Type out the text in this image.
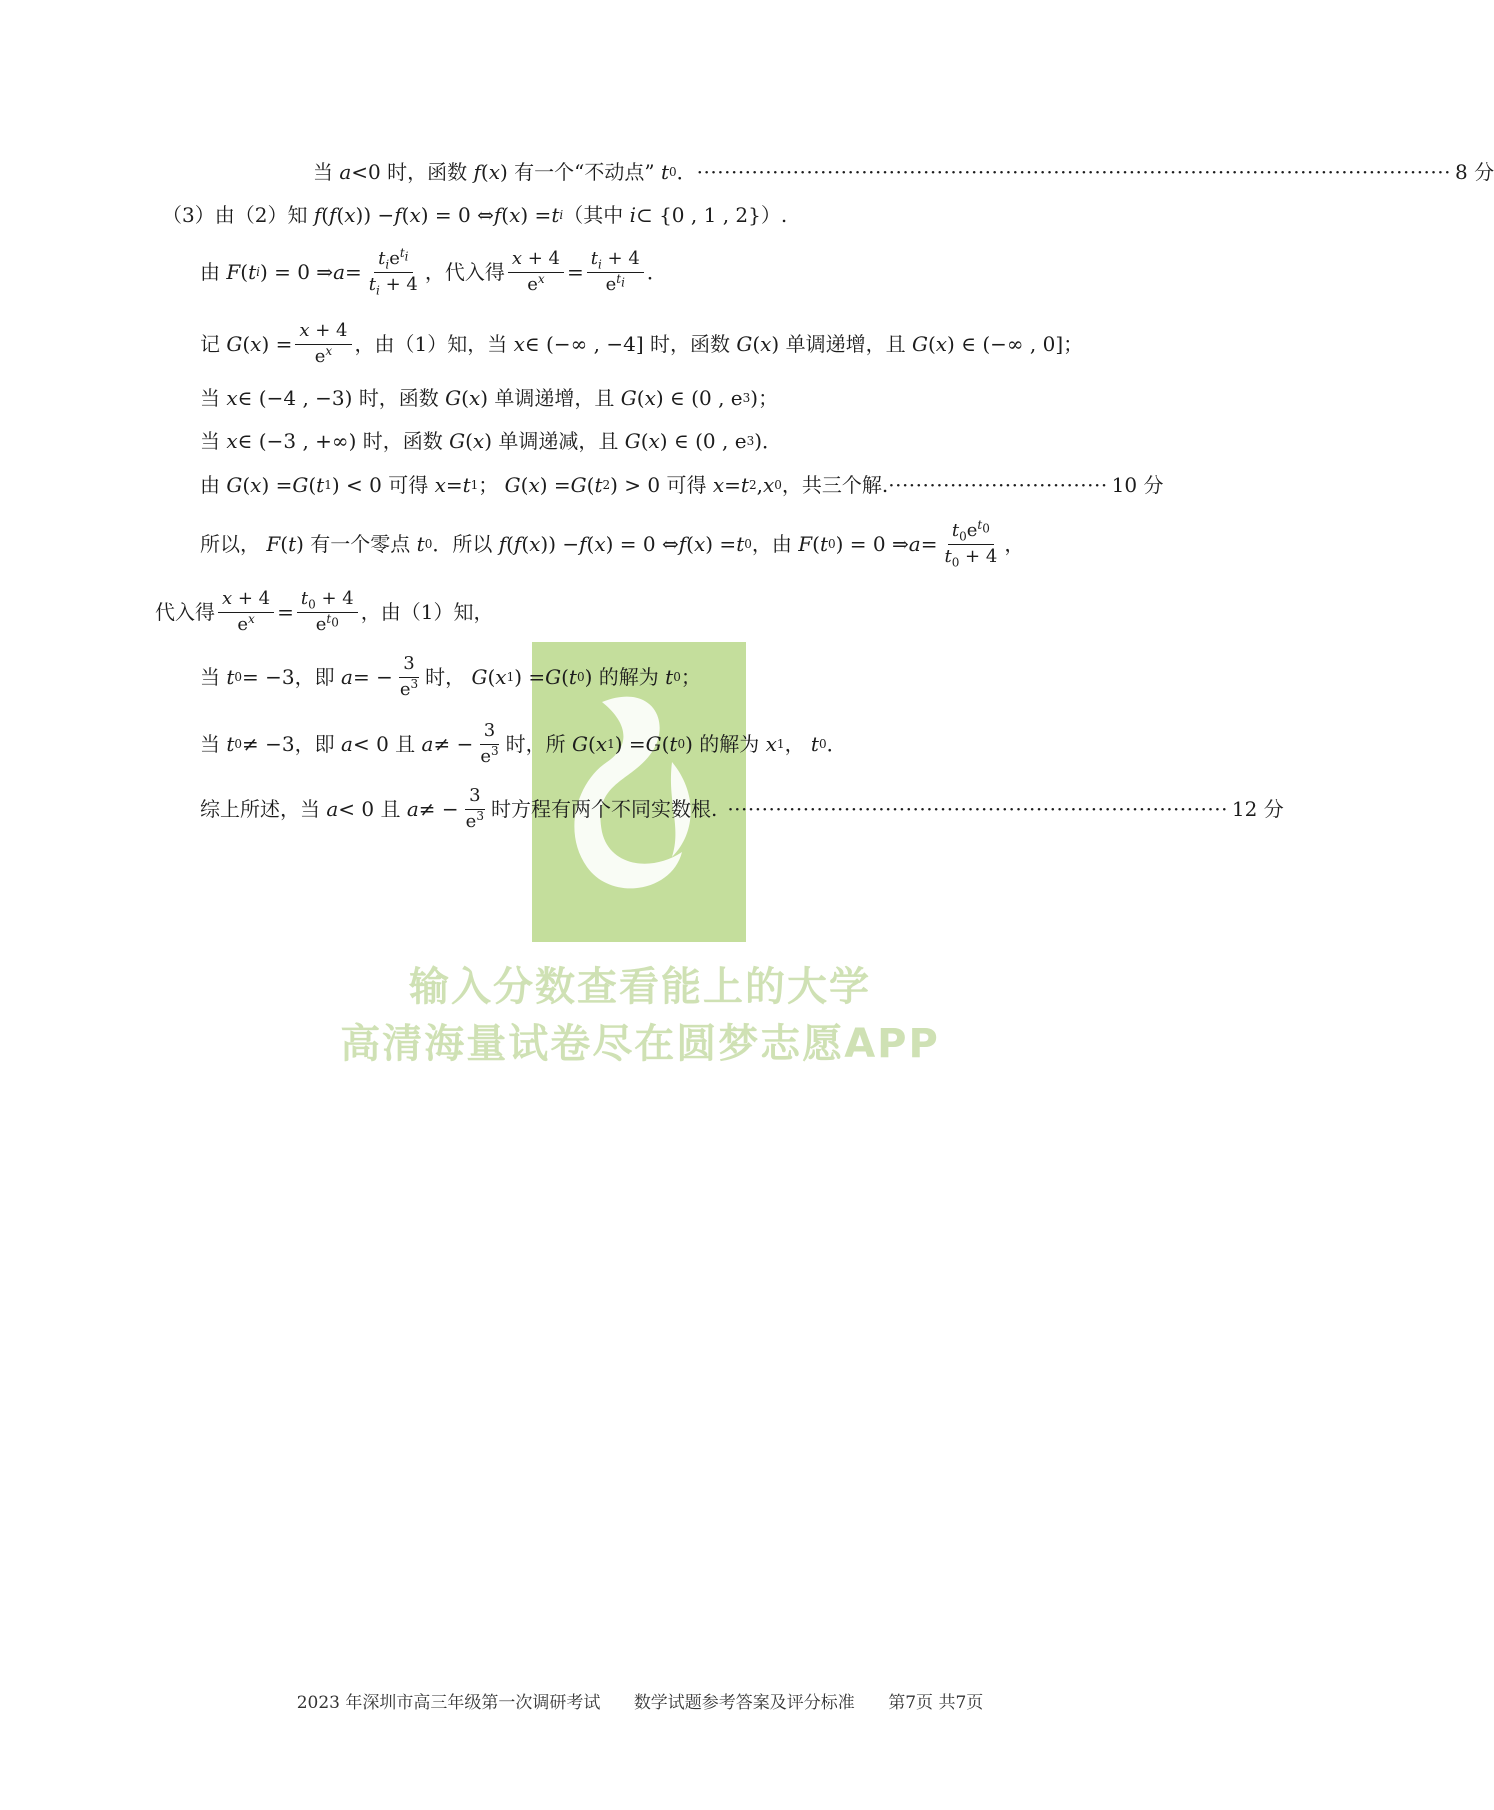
输入分数查看能上的大学
高清海量试卷尽在圆梦志愿APP
当
a <0 时，函数
f ( x ) 有一个“不动点”
t 0 ． ·············································································································· 8 分
（3）由（2）知
f ( f ( x )) − f ( x ) = 0 ⇔ f ( x ) = t i （其中
i ⊂ {0 , 1 , 2} ）.
由
F ( t i ) = 0 ⇒ $a = \frac{t_ie^{t_i}}{t_i + 4}$ ，代入得 $\frac{x + 4}{e^x} = \frac{t_i + 4}{e^{t_i}}$ ．
记
G ( x ) = $\frac{x + 4}{e^x}$ ，由（1）知，当
x ∈ (−∞ , −4] 时，函数
G ( x ) 单调递增，且
G ( x ) ∈ (−∞ , 0]；
当
x ∈ (−4 , −3) 时，函数
G ( x ) 单调递增，且
G ( x ) ∈ (0 , e 3 )；
当
x ∈ (−3 , +∞) 时，函数
G ( x ) 单调递减，且
G ( x ) ∈ (0 , e 3 )．
由
G ( x ) = G ( t 1 ) < 0 可得
x = t 1 ；
G ( x ) = G ( t 2 ) > 0 可得
x = t 2 , x 0 ，共三个解. ································ 10 分
所以，
F ( t ) 有一个零点
t 0 ．所以
f ( f ( x )) − f ( x ) = 0 ⇔ f ( x ) = t 0 ，由
F ( t 0 ) = 0 ⇒ $a = \frac{t_0e^{t_0}}{t_0 + 4}$ ，
代入得 $\frac{x + 4}{e^x} = \frac{t_0 + 4}{e^{t_0}}$ ，由（1）知，
当
t 0 = −3 ，即
a = − $\frac{3}{e^3}$ 时，
G ( x 1 ) = G ( t 0 ) 的解为
t 0 ；
当
t 0 ≠ −3 ，即
a < 0 且
a ≠ − $\frac{3}{e^3}$ 时，所
G ( x 1 ) = G ( t 0 ) 的解为
x 1 ， t 0 ．
综上所述，当
a < 0 且
a ≠ − $\frac{3}{e^3}$ 时方程有两个不同实数根. ········································································· 12 分
2023 年深圳市高三年级第一次调研考试 数学试题参考答案及评分标准 第7页 共7页
